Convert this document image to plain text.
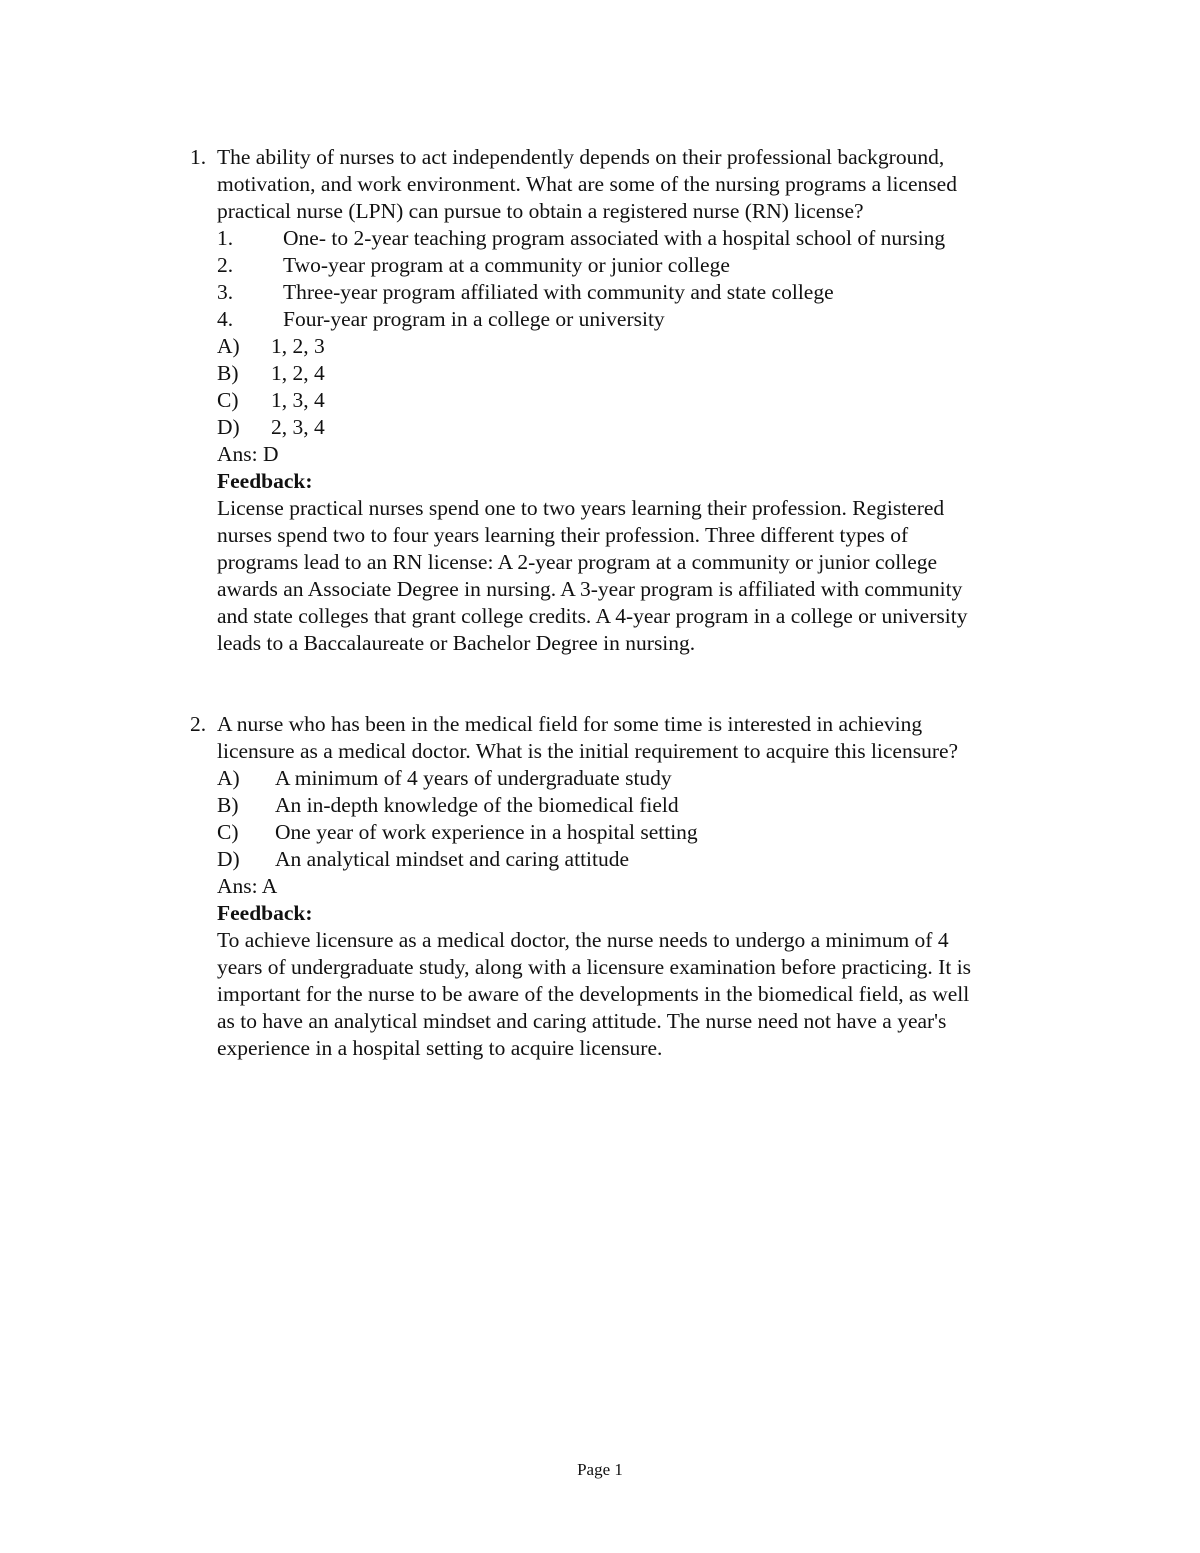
1. The ability of nurses to act independently depends on their professional background,
motivation, and work environment. What are some of the nursing programs a licensed
practical nurse (LPN) can pursue to obtain a registered nurse (RN) license?
1. One- to 2-year teaching program associated with a hospital school of nursing
2. Two-year program at a community or junior college
3. Three-year program affiliated with community and state college
4. Four-year program in a college or university
A) 1, 2, 3
B) 1, 2, 4
C) 1, 3, 4
D) 2, 3, 4
Ans: D
Feedback:
License practical nurses spend one to two years learning their profession. Registered
nurses spend two to four years learning their profession. Three different types of
programs lead to an RN license: A 2-year program at a community or junior college
awards an Associate Degree in nursing. A 3-year program is affiliated with community
and state colleges that grant college credits. A 4-year program in a college or university
leads to a Baccalaureate or Bachelor Degree in nursing.
2. A nurse who has been in the medical field for some time is interested in achieving
licensure as a medical doctor. What is the initial requirement to acquire this licensure?
A) A minimum of 4 years of undergraduate study
B) An in-depth knowledge of the biomedical field
C) One year of work experience in a hospital setting
D) An analytical mindset and caring attitude
Ans: A
Feedback:
To achieve licensure as a medical doctor, the nurse needs to undergo a minimum of 4
years of undergraduate study, along with a licensure examination before practicing. It is
important for the nurse to be aware of the developments in the biomedical field, as well
as to have an analytical mindset and caring attitude. The nurse need not have a year's
experience in a hospital setting to acquire licensure.
Page 1
